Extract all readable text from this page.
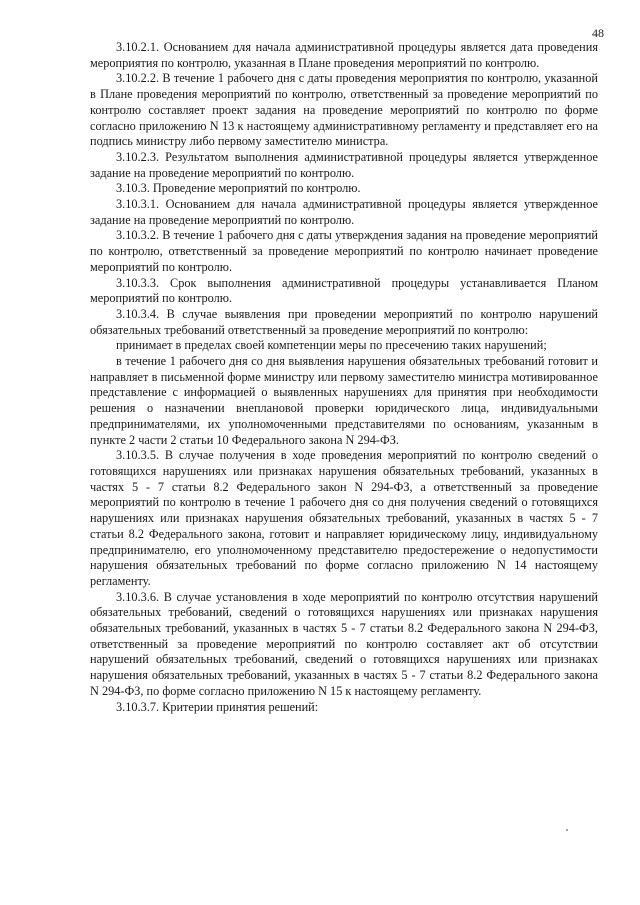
48

3.10.2.1. Основанием для начала административной процедуры является дата проведения мероприятия по контролю, указанная в Плане проведения мероприятий по контролю.

3.10.2.2. В течение 1 рабочего дня с даты проведения мероприятия по контролю, указанной в Плане проведения мероприятий по контролю, ответственный за проведение мероприятий по контролю составляет проект задания на проведение мероприятий по контролю по форме согласно приложению N 13 к настоящему административному регламенту и представляет его на подпись министру либо первому заместителю министра.

3.10.2.3. Результатом выполнения административной процедуры является утвержденное задание на проведение мероприятий по контролю.

3.10.3. Проведение мероприятий по контролю.

3.10.3.1. Основанием для начала административной процедуры является утвержденное задание на проведение мероприятий по контролю.

3.10.3.2. В течение 1 рабочего дня с даты утверждения задания на проведение мероприятий по контролю, ответственный за проведение мероприятий по контролю начинает проведение мероприятий по контролю.

3.10.3.3. Срок выполнения административной процедуры устанавливается Планом мероприятий по контролю.

3.10.3.4. В случае выявления при проведении мероприятий по контролю нарушений обязательных требований ответственный за проведение мероприятий по контролю:

принимает в пределах своей компетенции меры по пресечению таких нарушений;

в течение 1 рабочего дня со дня выявления нарушения обязательных требований готовит и направляет в письменной форме министру или первому заместителю министра мотивированное представление с информацией о выявленных нарушениях для принятия при необходимости решения о назначении внеплановой проверки юридического лица, индивидуальными предпринимателями, их уполномоченными представителями по основаниям, указанным в пункте 2 части 2 статьи 10 Федерального закона N 294-ФЗ.

3.10.3.5. В случае получения в ходе проведения мероприятий по контролю сведений о готовящихся нарушениях или признаках нарушения обязательных требований, указанных в частях 5 - 7 статьи 8.2 Федерального закон N 294-ФЗ, а ответственный за проведение мероприятий по контролю в течение 1 рабочего дня со дня получения сведений о готовящихся нарушениях или признаках нарушения обязательных требований, указанных в частях 5 - 7 статьи 8.2 Федерального закона, готовит и направляет юридическому лицу, индивидуальному предпринимателю, его уполномоченному представителю предостережение о недопустимости нарушения обязательных требований по форме согласно приложению N 14 настоящему регламенту.

3.10.3.6. В случае установления в ходе мероприятий по контролю отсутствия нарушений обязательных требований, сведений о готовящихся нарушениях или признаках нарушения обязательных требований, указанных в частях 5 - 7 статьи 8.2 Федерального закона N 294-ФЗ, ответственный за проведение мероприятий по контролю составляет акт об отсутствии нарушений обязательных требований, сведений о готовящихся нарушениях или признаках нарушения обязательных требований, указанных в частях 5 - 7 статьи 8.2 Федерального закона N 294-ФЗ, по форме согласно приложению N 15 к настоящему регламенту.

3.10.3.7. Критерии принятия решений:
